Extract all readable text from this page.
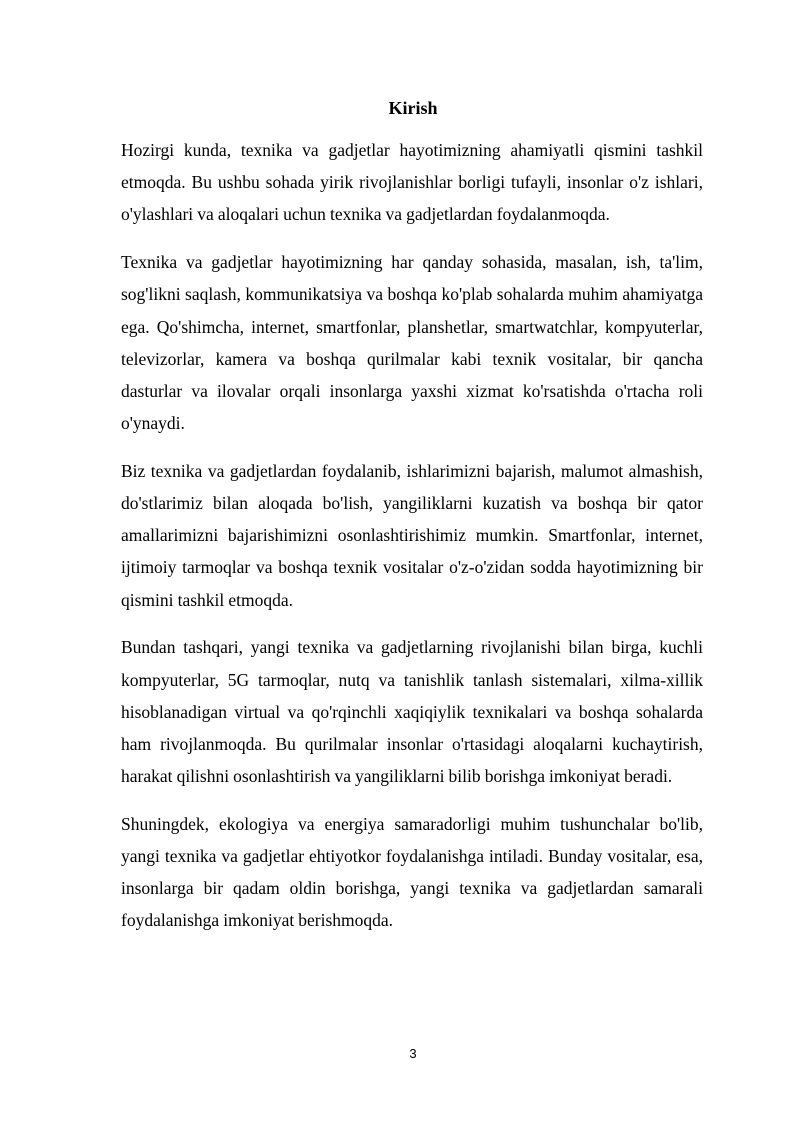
Kirish

Hozirgi kunda, texnika va gadjetlar hayotimizning ahamiyatli qismini tashkil etmoqda. Bu ushbu sohada yirik rivojlanishlar borligi tufayli, insonlar o'z ishlari, o'ylashlari va aloqalari uchun texnika va gadjetlardan foydalanmoqda.

Texnika va gadjetlar hayotimizning har qanday sohasida, masalan, ish, ta'lim, sog'likni saqlash, kommunikatsiya va boshqa ko'plab sohalarda muhim ahamiyatga ega. Qo'shimcha, internet, smartfonlar, planshetlar, smartwatchlar, kompyuterlar, televizorlar, kamera va boshqa qurilmalar kabi texnik vositalar, bir qancha dasturlar va ilovalar orqali insonlarga yaxshi xizmat ko'rsatishda o'rtacha roli o'ynaydi.

Biz texnika va gadjetlardan foydalanib, ishlarimizni bajarish, malumot almashish, do'stlarimiz bilan aloqada bo'lish, yangiliklarni kuzatish va boshqa bir qator amallarimizni bajarishimizni osonlashtirishimiz mumkin. Smartfonlar, internet, ijtimoiy tarmoqlar va boshqa texnik vositalar o'z-o'zidan sodda hayotimizning bir qismini tashkil etmoqda.

Bundan tashqari, yangi texnika va gadjetlarning rivojlanishi bilan birga, kuchli kompyuterlar, 5G tarmoqlar, nutq va tanishlik tanlash sistemalari, xilma-xillik hisoblanadigan virtual va qo'rqinchli xaqiqiylik texnikalari va boshqa sohalarda ham rivojlanmoqda. Bu qurilmalar insonlar o'rtasidagi aloqalarni kuchaytirish, harakat qilishni osonlashtirish va yangiliklarni bilib borishga imkoniyat beradi.

Shuningdek, ekologiya va energiya samaradorligi muhim tushunchalar bo'lib, yangi texnika va gadjetlar ehtiyotkor foydalanishga intiladi. Bunday vositalar, esa, insonlarga bir qadam oldin borishga, yangi texnika va gadjetlardan samarali foydalanishga imkoniyat berishmoqda.

3
